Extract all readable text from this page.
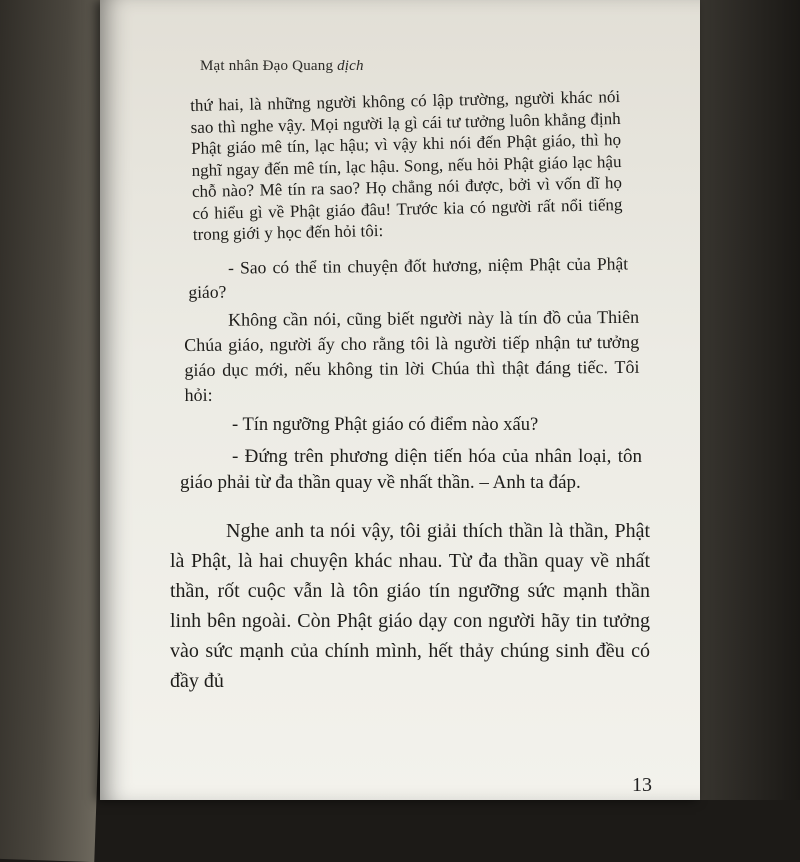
Mạt nhân Đạo Quang dịch

thứ hai, là những người không có lập trường, người khác nói sao thì nghe vậy. Mọi người lạ gì cái tư tưởng luôn khẳng định Phật giáo mê tín, lạc hậu; vì vậy khi nói đến Phật giáo, thì họ nghĩ ngay đến mê tín, lạc hậu. Song, nếu hỏi Phật giáo lạc hậu chỗ nào? Mê tín ra sao? Họ chẳng nói được, bởi vì vốn dĩ họ có hiểu gì về Phật giáo đâu! Trước kia có người rất nổi tiếng trong giới y học đến hỏi tôi:

- Sao có thể tin chuyện đốt hương, niệm Phật của Phật giáo?

Không cần nói, cũng biết người này là tín đồ của Thiên Chúa giáo, người ấy cho rằng tôi là người tiếp nhận tư tưởng giáo dục mới, nếu không tin lời Chúa thì thật đáng tiếc. Tôi hỏi:

- Tín ngưỡng Phật giáo có điểm nào xấu?

- Đứng trên phương diện tiến hóa của nhân loại, tôn giáo phải từ đa thần quay về nhất thần. – Anh ta đáp.

Nghe anh ta nói vậy, tôi giải thích thần là thần, Phật là Phật, là hai chuyện khác nhau. Từ đa thần quay về nhất thần, rốt cuộc vẫn là tôn giáo tín ngưỡng sức mạnh thần linh bên ngoài. Còn Phật giáo dạy con người hãy tin tưởng vào sức mạnh của chính mình, hết thảy chúng sinh đều có đầy đủ

13
